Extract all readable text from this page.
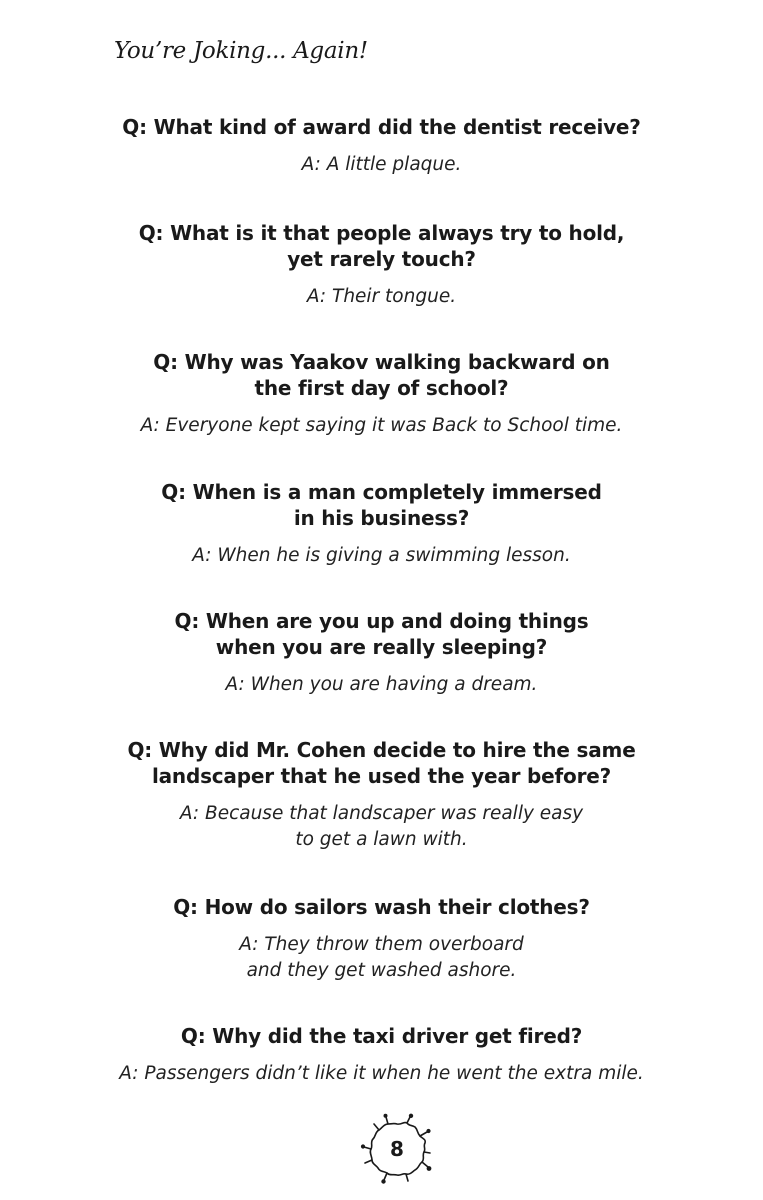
You’re Joking... Again!

Q: What kind of award did the dentist receive?

A: A little plaque.

Q: What is it that people always try to hold,
yet rarely touch?

A: Their tongue.

Q: Why was Yaakov walking backward on
the first day of school?

A: Everyone kept saying it was Back to School time.

Q: When is a man completely immersed
in his business?

A: When he is giving a swimming lesson.

Q: When are you up and doing things
when you are really sleeping?

A: When you are having a dream.

Q: Why did Mr. Cohen decide to hire the same
landscaper that he used the year before?

A: Because that landscaper was really easy
to get a lawn with.

Q: How do sailors wash their clothes?

A: They throw them overboard
and they get washed ashore.

Q: Why did the taxi driver get fired?

A: Passengers didn’t like it when he went the extra mile.

8
